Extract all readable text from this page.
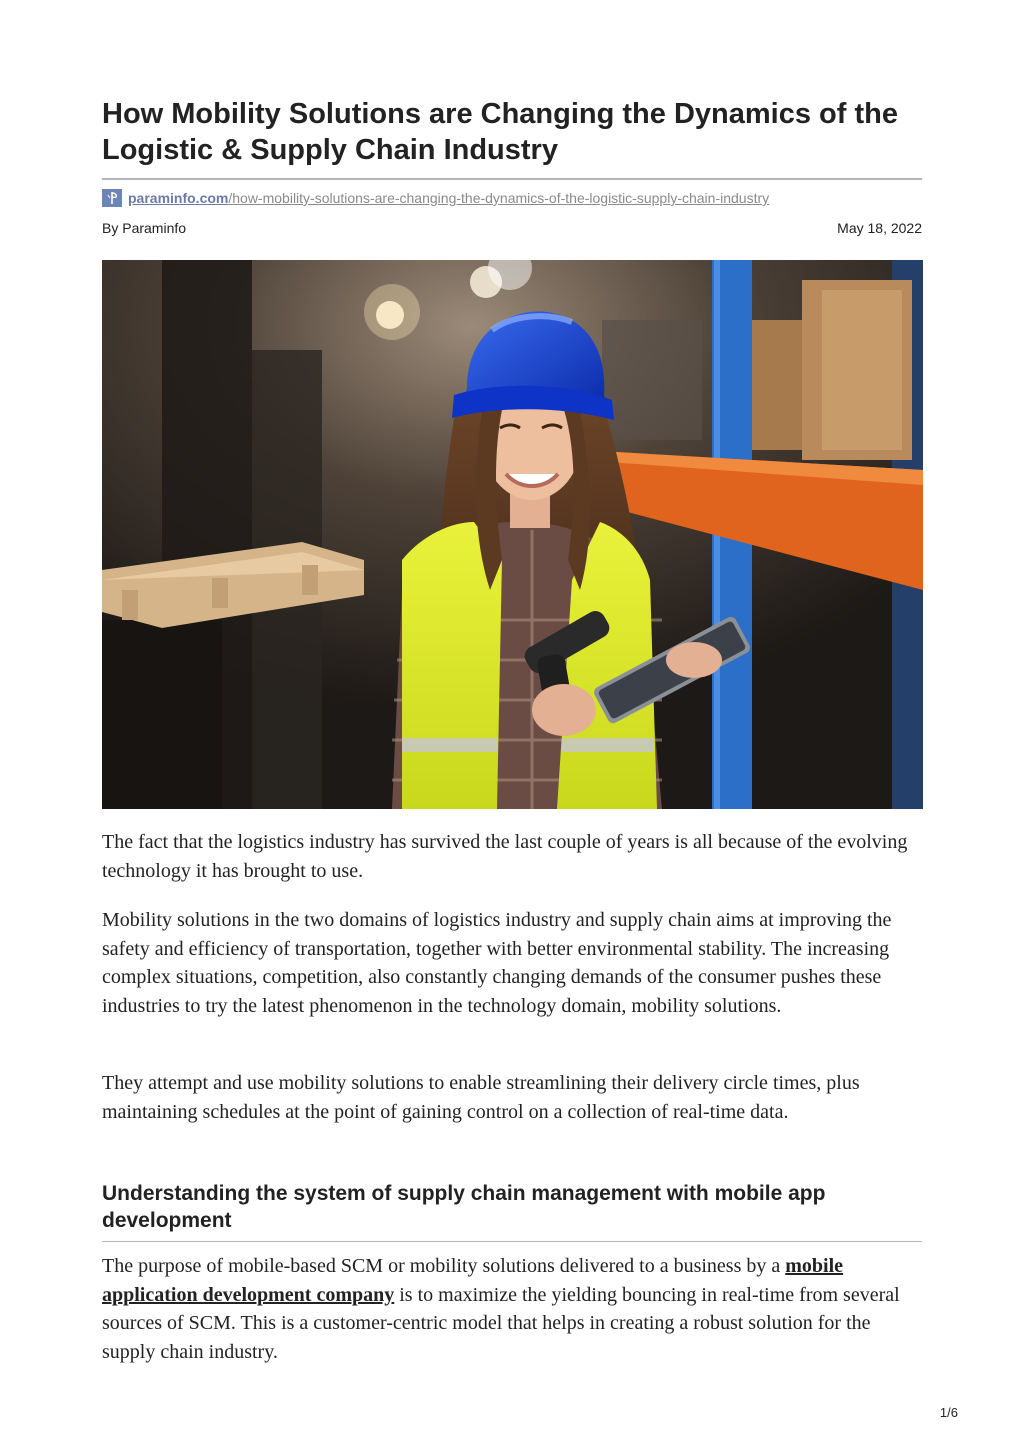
How Mobility Solutions are Changing the Dynamics of the Logistic & Supply Chain Industry
paraminfo.com /how-mobility-solutions-are-changing-the-dynamics-of-the-logistic-supply-chain-industry
By Paraminfo	May 18, 2022

The fact that the logistics industry has survived the last couple of years is all because of the evolving technology it has brought to use.

Mobility solutions in the two domains of logistics industry and supply chain aims at improving the safety and efficiency of transportation, together with better environmental stability. The increasing complex situations, competition, also constantly changing demands of the consumer pushes these industries to try the latest phenomenon in the technology domain, mobility solutions.

They attempt and use mobility solutions to enable streamlining their delivery circle times, plus maintaining schedules at the point of gaining control on a collection of real-time data.

Understanding the system of supply chain management with mobile app development

The purpose of mobile-based SCM or mobility solutions delivered to a business by a mobile application development company is to maximize the yielding bouncing in real-time from several sources of SCM. This is a customer-centric model that helps in creating a robust solution for the supply chain industry.

1/6
